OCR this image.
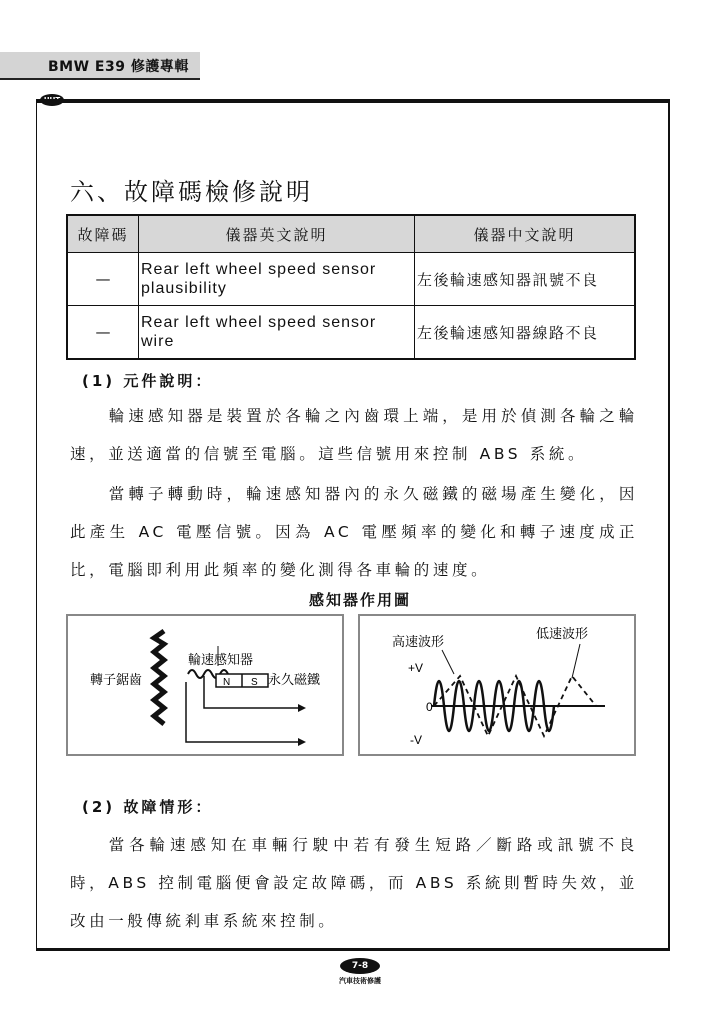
BMW E39 修護專輯
六、故障碼檢修說明
故障碼	儀器英文說明	儀器中文說明
—	Rear left wheel speed sensor plausibility	左後輪速感知器訊號不良
—	Rear left wheel speed sensor wire	左後輪速感知器線路不良
(1) 元件說明：
輪速感知器是裝置於各輪之內齒環上端，是用於偵測各輪之輪速，並送適當的信號至電腦。這些信號用來控制 ABS 系統。
當轉子轉動時，輪速感知器內的永久磁鐵的磁場產生變化，因此產生 AC 電壓信號。因為 AC 電壓頻率的變化和轉子速度成正比，電腦即利用此頻率的變化測得各車輪的速度。
感知器作用圖
N S
輪速感知器
轉子鋸齒	永久磁鐵
高速波形
低速波形
+V
0
-V
(2) 故障情形：
當各輪速感知在車輛行駛中若有發生短路／斷路或訊號不良時，ABS 控制電腦便會設定故障碼，而 ABS 系統則暫時失效，並改由一般傳統剎車系統來控制。
7-8
汽車技術修護
